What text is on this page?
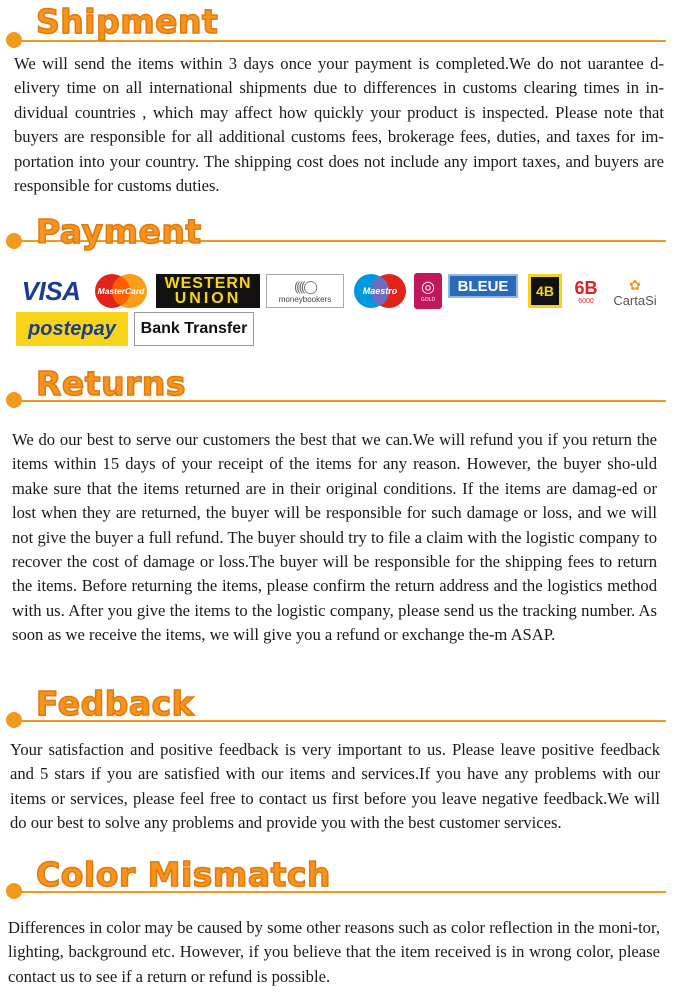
Shipment

We will send the items within 3 days once your payment is completed.We do not uarantee d-elivery time on all international shipments due to differences in customs clearing times in in-dividual countries , which may affect how quickly your product is inspected. Please note that buyers are responsible for all additional customs fees, brokerage fees, duties, and taxes for im-portation into your country. The shipping cost does not include any import taxes, and buyers are responsible for customs duties.

Payment
VISA MasterCard WESTERN
UNION
((((◯
moneybookers
Maestro ◎
GOLD
BLEUE 4B 6B
6000
✿
CartaSi
postepay Bank Transfer
Returns

We do our best to serve our customers the best that we can.We will refund you if you return the items within 15 days of your receipt of the items for any reason. However, the buyer sho-uld make sure that the items returned are in their original conditions. If the items are damag-ed or lost when they are returned, the buyer will be responsible for such damage or loss, and we will not give the buyer a full refund. The buyer should try to file a claim with the logistic company to recover the cost of damage or loss.The buyer will be responsible for the shipping fees to return the items. Before returning the items, please confirm the return address and the logistics method with us. After you give the items to the logistic company, please send us the tracking number. As soon as we receive the items, we will give you a refund or exchange the-m ASAP.

Fedback

Your satisfaction and positive feedback is very important to us. Please leave positive feedback and 5 stars if you are satisfied with our items and services.If you have any problems with our items or services, please feel free to contact us first before you leave negative feedback.We will do our best to solve any problems and provide you with the best customer services.

Color Mismatch

Differences in color may be caused by some other reasons such as color reflection in the moni-tor, lighting, background etc. However, if you believe that the item received is in wrong color, please contact us to see if a return or refund is possible.
